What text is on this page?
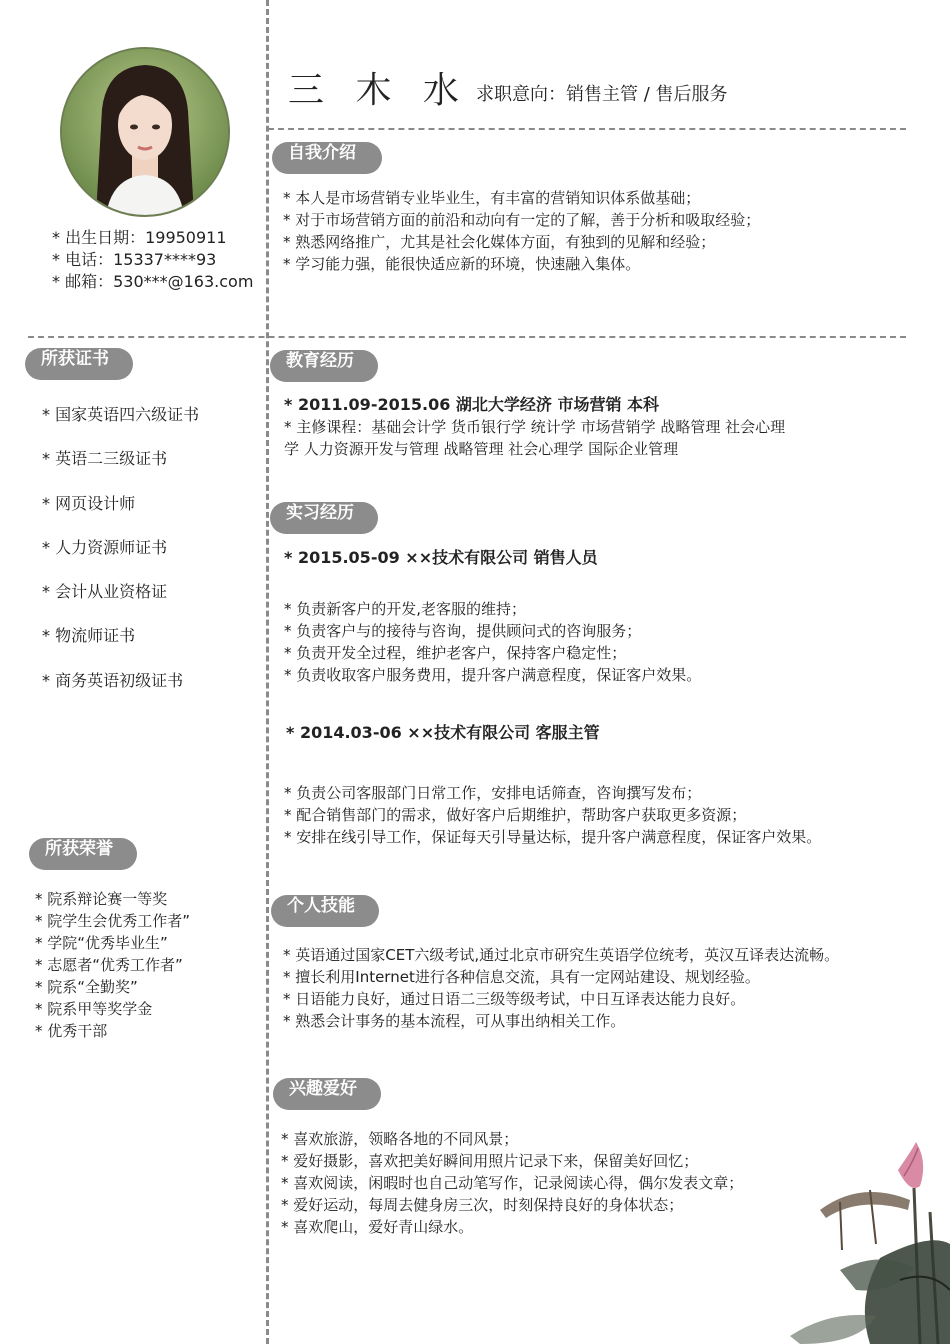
三 木 水 求职意向：销售主管 / 售后服务
* 出生日期：19950911
* 电话：15337****93
* 邮箱：530***@163.com
自我介绍
* 本人是市场营销专业毕业生，有丰富的营销知识体系做基础；
* 对于市场营销方面的前沿和动向有一定的了解，善于分析和吸取经验；
* 熟悉网络推广，尤其是社会化媒体方面，有独到的见解和经验；
* 学习能力强，能很快适应新的环境，快速融入集体。
所获证书
* 国家英语四六级证书
* 英语二三级证书
* 网页设计师
* 人力资源师证书
* 会计从业资格证
* 物流师证书
* 商务英语初级证书
教育经历
* 2011.09-2015.06 湖北大学经济 市场营销 本科
* 主修课程：基础会计学 货币银行学 统计学 市场营销学 战略管理 社会心理
学 人力资源开发与管理 战略管理 社会心理学 国际企业管理
实习经历
* 2015.05-09 ××技术有限公司 销售人员
* 负责新客户的开发,老客服的维持；
* 负责客户与的接待与咨询，提供顾问式的咨询服务；
* 负责开发全过程，维护老客户，保持客户稳定性；
* 负责收取客户服务费用，提升客户满意程度，保证客户效果。
* 2014.03-06 ××技术有限公司 客服主管
* 负责公司客服部门日常工作，安排电话筛查，咨询撰写发布；
* 配合销售部门的需求，做好客户后期维护，帮助客户获取更多资源；
* 安排在线引导工作，保证每天引导量达标，提升客户满意程度，保证客户效果。
所获荣誉
* 院系辩论赛一等奖
* 院学生会优秀工作者”
* 学院“优秀毕业生”
* 志愿者“优秀工作者”
* 院系“全勤奖”
* 院系甲等奖学金
* 优秀干部
个人技能
* 英语通过国家CET六级考试,通过北京市研究生英语学位统考，英汉互译表达流畅。
* 擅长利用Internet进行各种信息交流，具有一定网站建设、规划经验。
* 日语能力良好，通过日语二三级等级考试，中日互译表达能力良好。
* 熟悉会计事务的基本流程，可从事出纳相关工作。
兴趣爱好
* 喜欢旅游，领略各地的不同风景；
* 爱好摄影，喜欢把美好瞬间用照片记录下来，保留美好回忆；
* 喜欢阅读，闲暇时也自己动笔写作，记录阅读心得，偶尔发表文章；
* 爱好运动，每周去健身房三次，时刻保持良好的身体状态；
* 喜欢爬山，爱好青山绿水。
